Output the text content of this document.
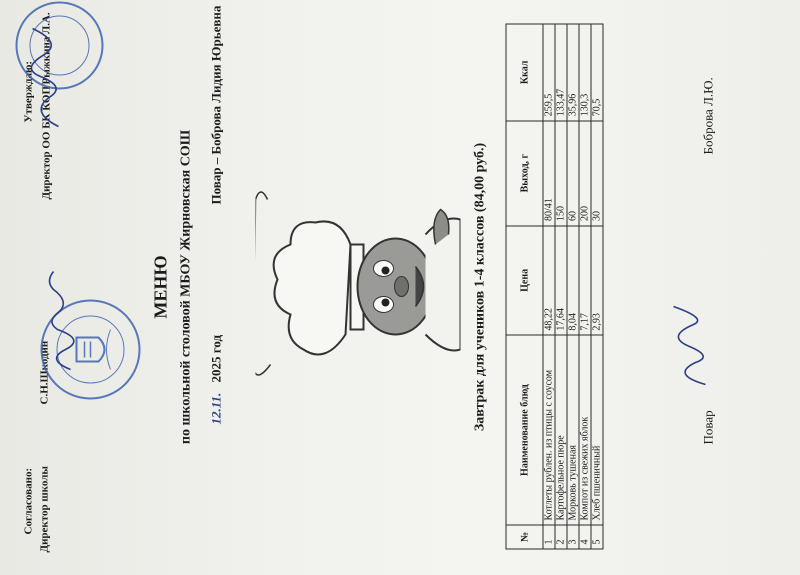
Согласовано: Директор школы
С.Н.Шкодин
Утверждаю: Директор ОО БК КОП
Рыжкина Л.А.
МЕНЮ по школьной столовой МБОУ Жирновская СОШ 12.11.
2025 год
Повар – Боброва Лидия Юрьевна
Завтрак для учеников 1-4 классов (84,00 руб.)
№	Наименование блюд	Цена	Выход, г	Ккал
1	Котлеты рублен. из птицы с соусом	48,22	80/41	259,5
2	Картофельное пюре	17,64	150	133,47
3	Морковь тушеная	8,04	60	35,96
4	Компот из свежих яблок	7,17	200	130,3
5	Хлеб пшеничный	2,93	30	70,5
Повар
Боброва Л.Ю.
